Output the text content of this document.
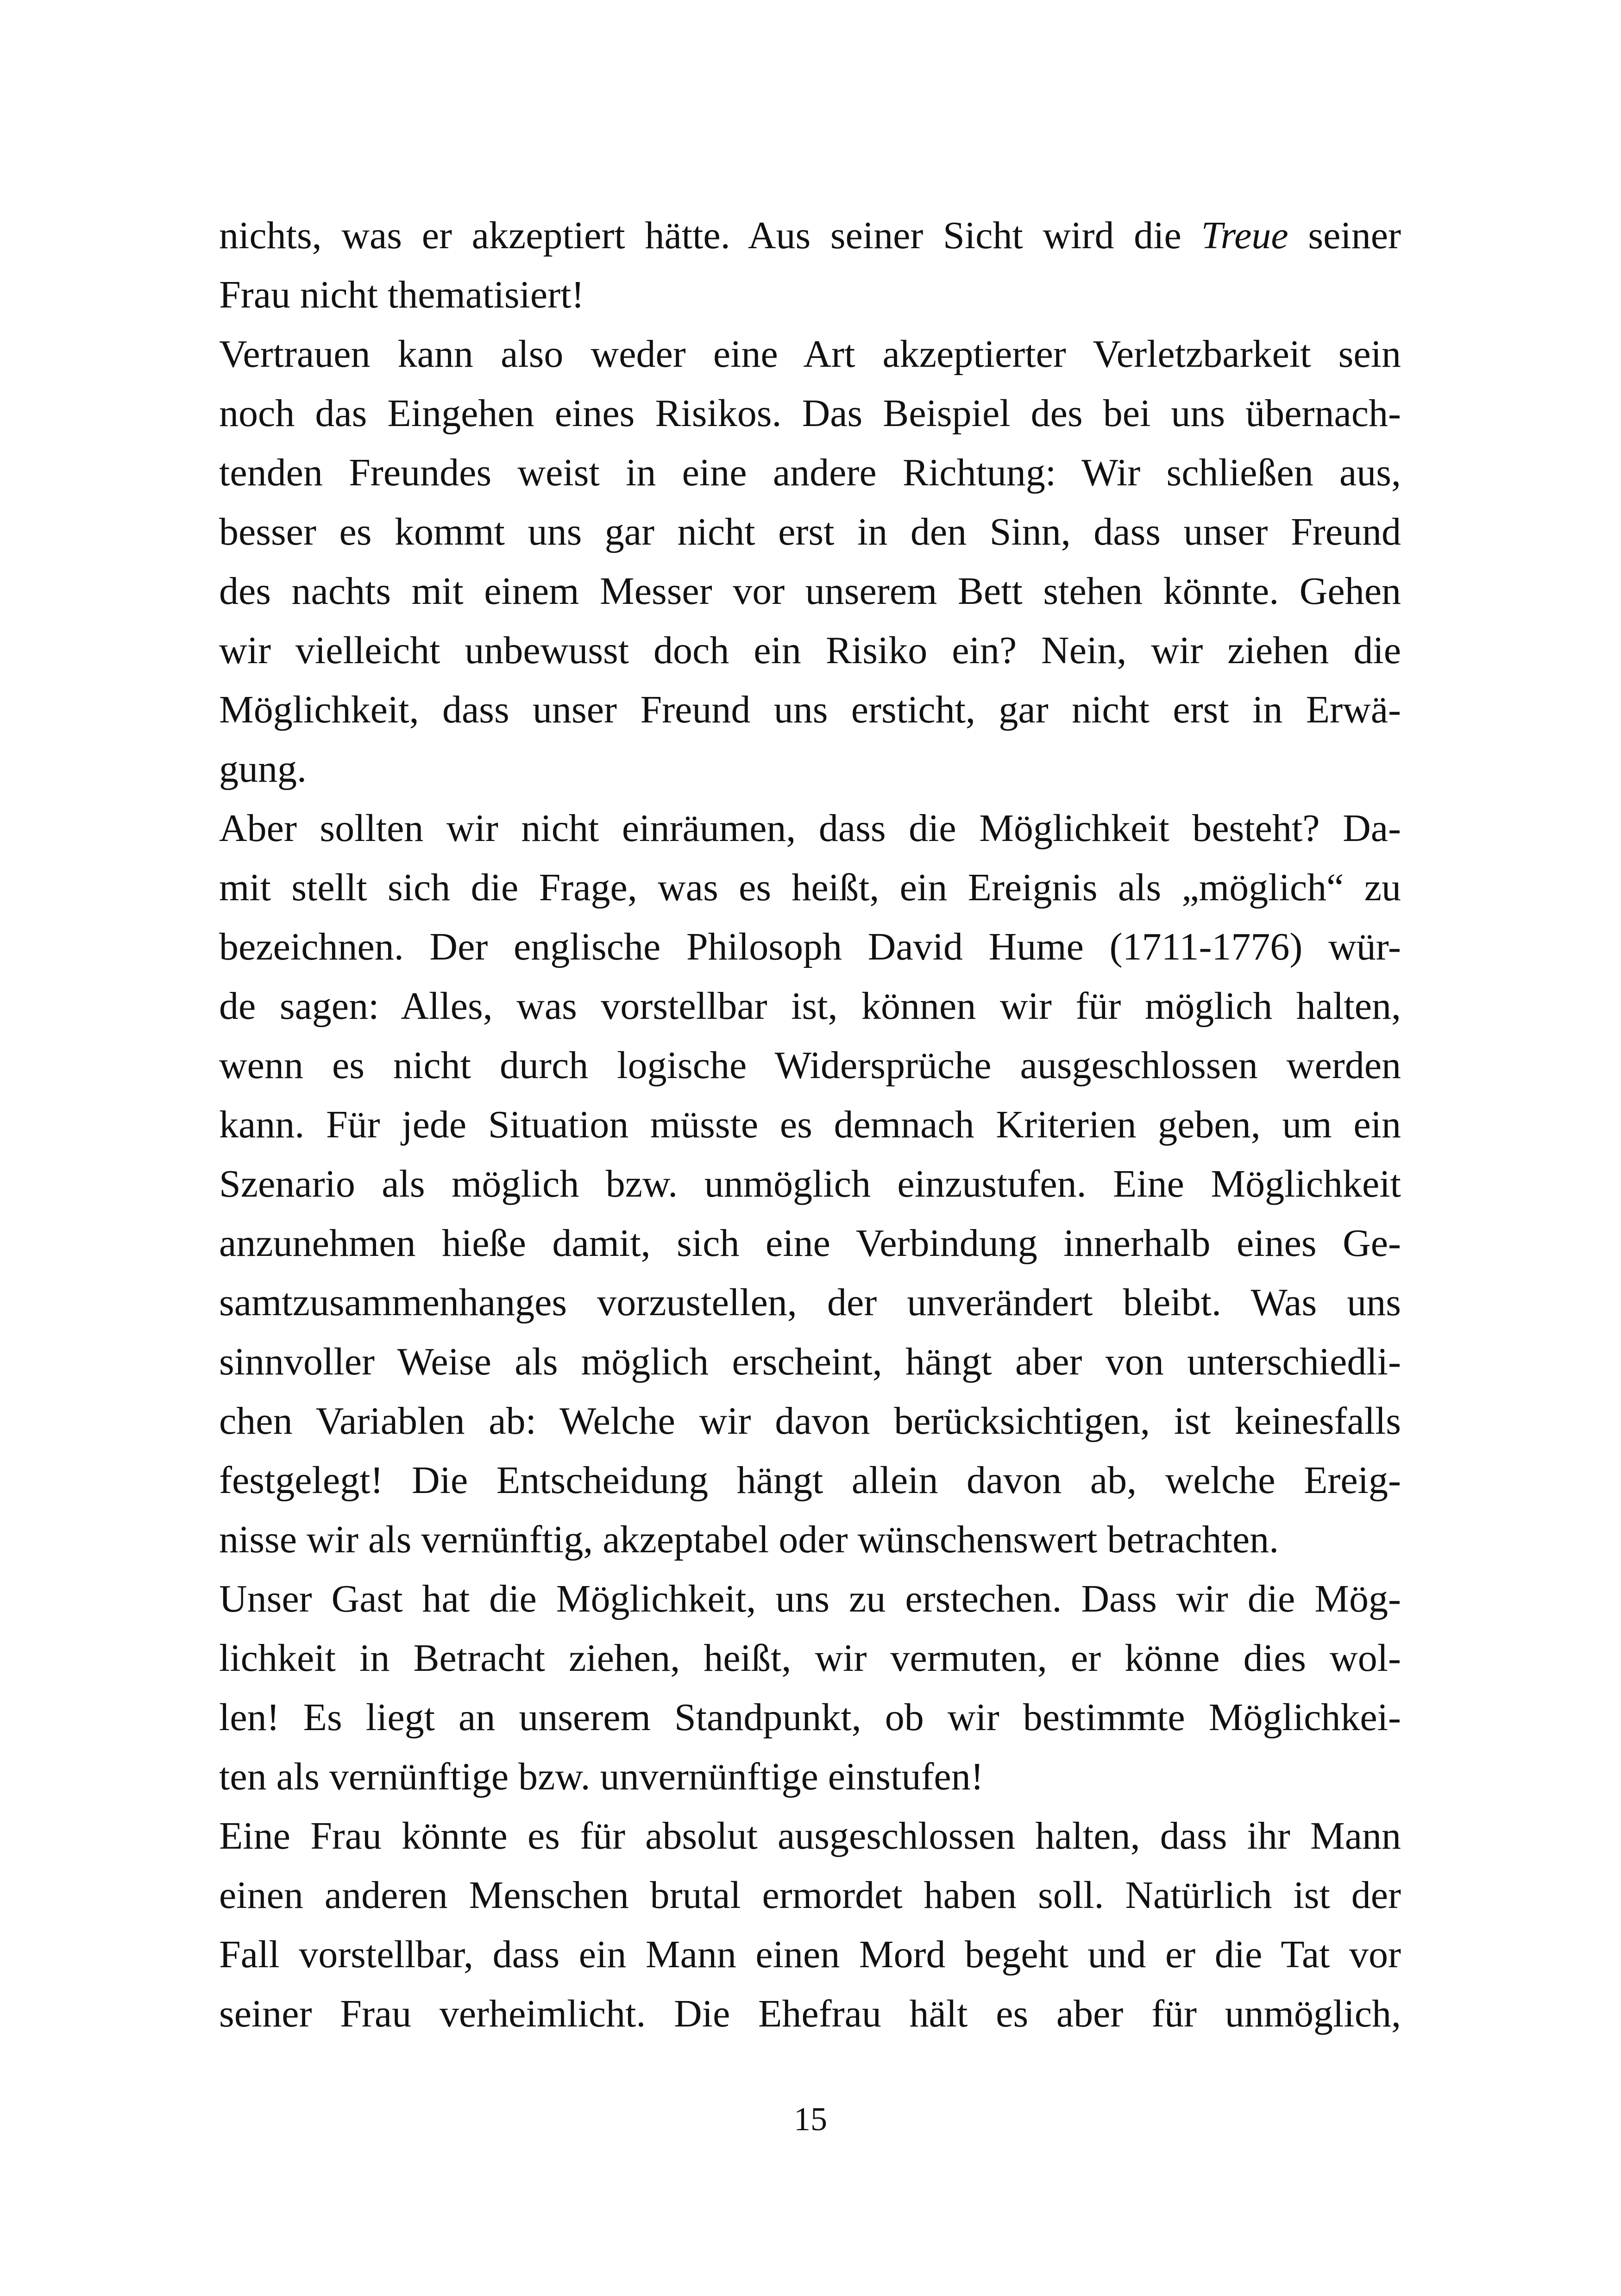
nichts, was er akzeptiert hätte. Aus seiner Sicht wird die Treue seiner
Frau nicht thematisiert!
Vertrauen kann also weder eine Art akzeptierter Verletzbarkeit sein
noch das Eingehen eines Risikos. Das Beispiel des bei uns übernach-
tenden Freundes weist in eine andere Richtung: Wir schließen aus,
besser es kommt uns gar nicht erst in den Sinn, dass unser Freund
des nachts mit einem Messer vor unserem Bett stehen könnte. Gehen
wir vielleicht unbewusst doch ein Risiko ein? Nein, wir ziehen die
Möglichkeit, dass unser Freund uns ersticht, gar nicht erst in Erwä-
gung.
Aber sollten wir nicht einräumen, dass die Möglichkeit besteht? Da-
mit stellt sich die Frage, was es heißt, ein Ereignis als „möglich“ zu
bezeichnen. Der englische Philosoph David Hume (1711-1776) wür-
de sagen: Alles, was vorstellbar ist, können wir für möglich halten,
wenn es nicht durch logische Widersprüche ausgeschlossen werden
kann. Für jede Situation müsste es demnach Kriterien geben, um ein
Szenario als möglich bzw. unmöglich einzustufen. Eine Möglichkeit
anzunehmen hieße damit, sich eine Verbindung innerhalb eines Ge-
samtzusammenhanges vorzustellen, der unverändert bleibt. Was uns
sinnvoller Weise als möglich erscheint, hängt aber von unterschiedli-
chen Variablen ab: Welche wir davon berücksichtigen, ist keinesfalls
festgelegt! Die Entscheidung hängt allein davon ab, welche Ereig-
nisse wir als vernünftig, akzeptabel oder wünschenswert betrachten.
Unser Gast hat die Möglichkeit, uns zu erstechen. Dass wir die Mög-
lichkeit in Betracht ziehen, heißt, wir vermuten, er könne dies wol-
len! Es liegt an unserem Standpunkt, ob wir bestimmte Möglichkei-
ten als vernünftige bzw. unvernünftige einstufen!
Eine Frau könnte es für absolut ausgeschlossen halten, dass ihr Mann
einen anderen Menschen brutal ermordet haben soll. Natürlich ist der
Fall vorstellbar, dass ein Mann einen Mord begeht und er die Tat vor
seiner Frau verheimlicht. Die Ehefrau hält es aber für unmöglich,
15
